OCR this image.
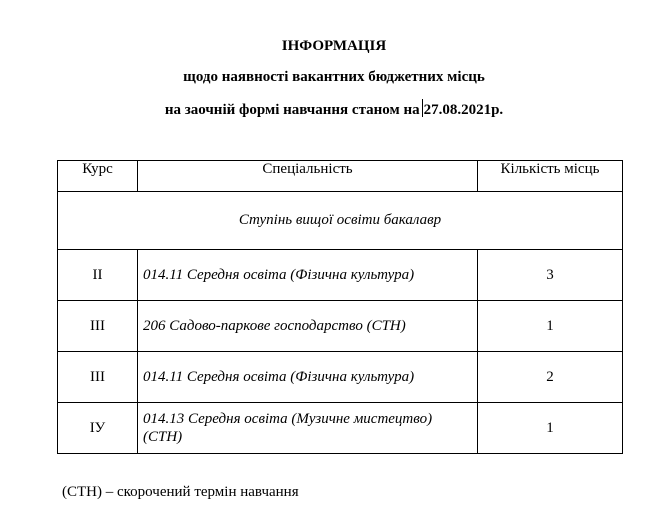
ІНФОРМАЦІЯ
щодо наявності вакантних бюджетних місць
на заочній формі навчання станом на 27.08.2021р.
Курс	Спеціальність	Кількість місць
Ступінь вищої освіти бакалавр		
ІІ	014.11 Середня освіта (Фізична культура)	3
ІІІ	206 Садово-паркове господарство (СТН)	1
ІІІ	014.11 Середня освіта (Фізична культура)	2
ІУ	014.13 Середня освіта (Музичне мистецтво) (СТН)	1
(СТН) – скорочений термін навчання
